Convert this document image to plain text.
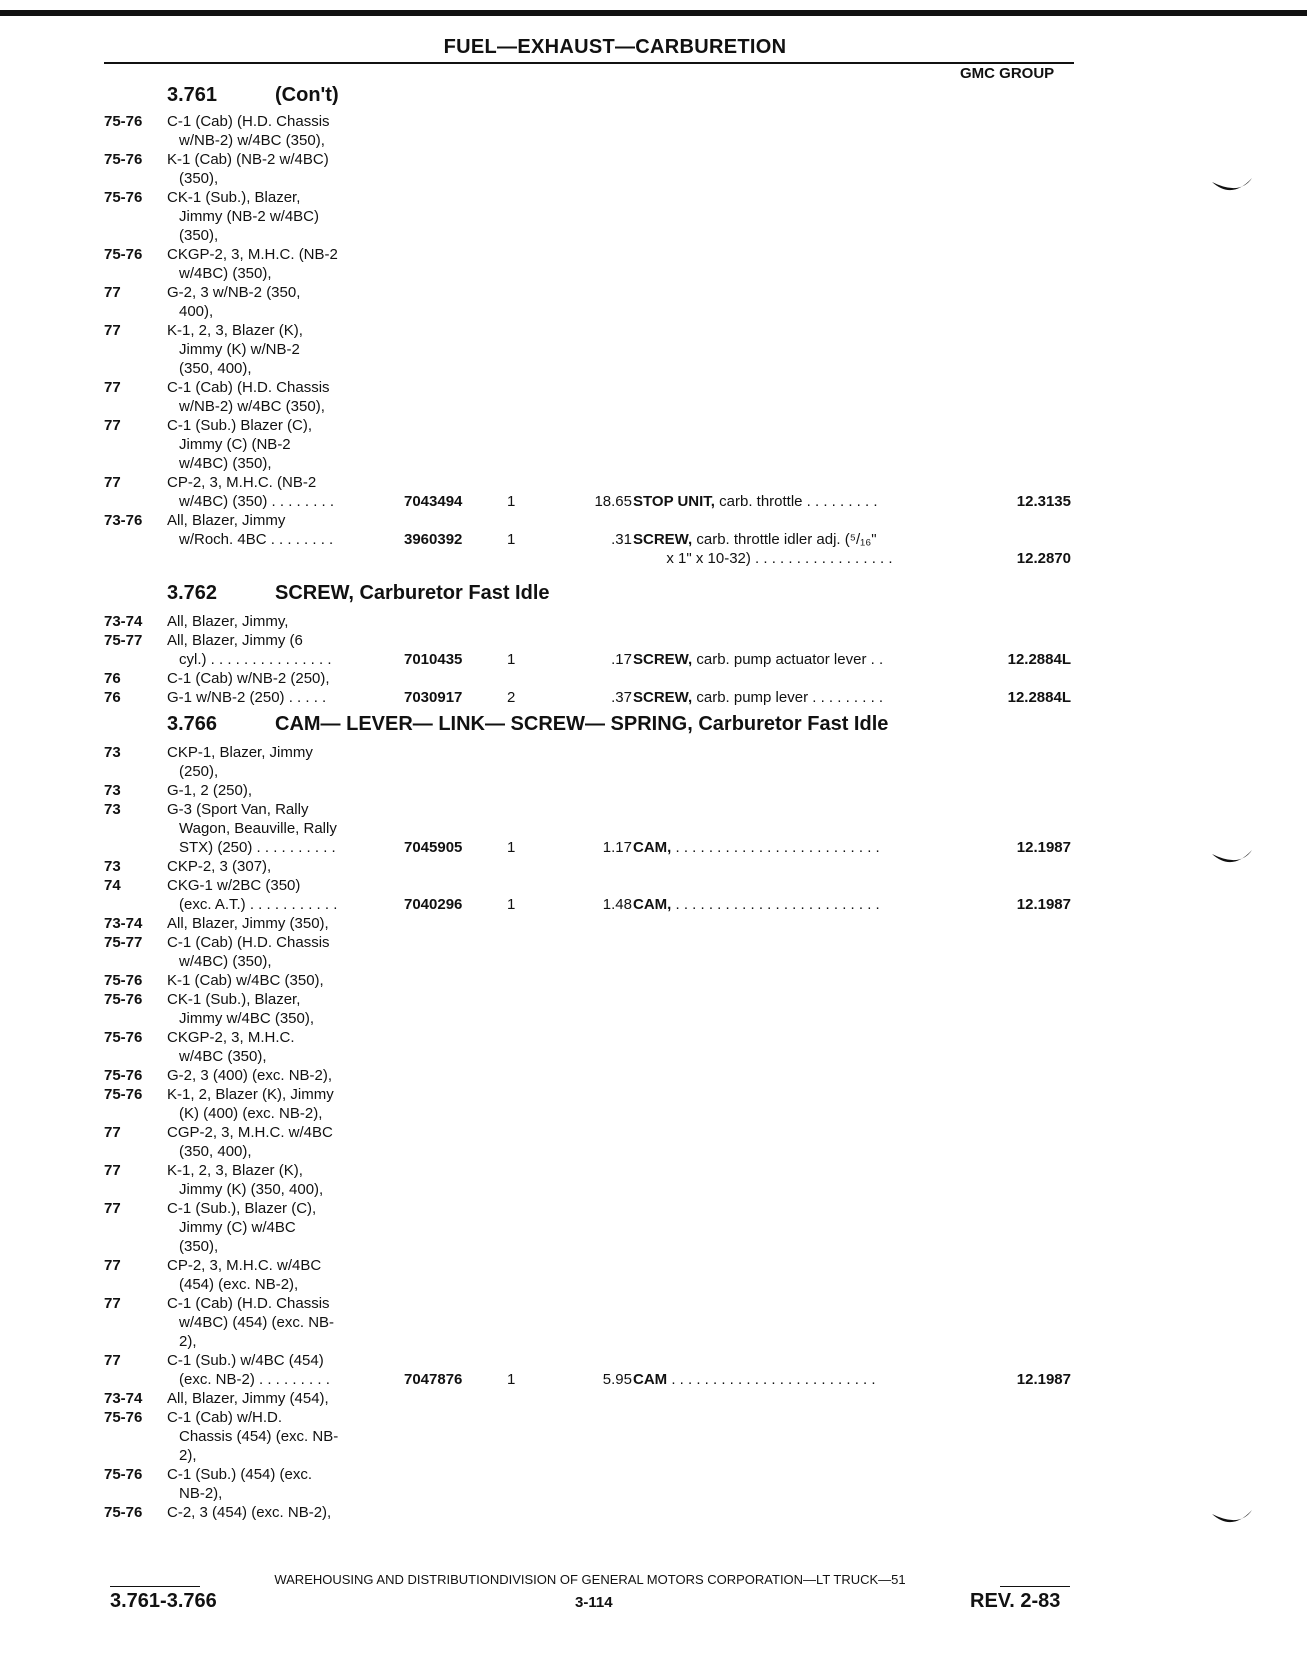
FUEL—EXHAUST—CARBURETION
GMC GROUP
3.761	(Con't)
75-76 C-1 (Cab) (H.D. Chassis
w/NB-2) w/4BC (350),
75-76 K-1 (Cab) (NB-2 w/4BC)
(350),
75-76 CK-1 (Sub.), Blazer,
Jimmy (NB-2 w/4BC)
(350),
75-76 CKGP-2, 3, M.H.C. (NB-2
w/4BC) (350),
77	G-2, 3 w/NB-2 (350,
400),
77	K-1, 2, 3, Blazer (K),
Jimmy (K) w/NB-2
(350, 400),
77	C-1 (Cab) (H.D. Chassis
w/NB-2) w/4BC (350),
77	C-1 (Sub.) Blazer (C),
Jimmy (C) (NB-2
w/4BC) (350),
77	CP-2, 3, M.H.C. (NB-2
w/4BC) (350) . . . . . . . .	7043494	1	18.65 STOP UNIT, carb. throttle . . . . . . . . .	12.3135
73-76 All, Blazer, Jimmy
w/Roch. 4BC . . . . . . . .	3960392	1	.31 SCREW, carb. throttle idler adj. (⁵/₁₆"
x 1" x 10-32) . . . . . . . . . . . . . . . . .	12.2870
3.762	SCREW, Carburetor Fast Idle
73-74 All, Blazer, Jimmy,
75-77 All, Blazer, Jimmy (6
cyl.) . . . . . . . . . . . . . . .	7010435	1	.17 SCREW, carb. pump actuator lever . .	12.2884L
76	C-1 (Cab) w/NB-2 (250),
76	G-1 w/NB-2 (250) . . . . .	7030917	2	.37 SCREW, carb. pump lever . . . . . . . . .	12.2884L
3.766	CAM— LEVER— LINK— SCREW— SPRING, Carburetor Fast Idle
73	CKP-1, Blazer, Jimmy
(250),
73	G-1, 2 (250),
73	G-3 (Sport Van, Rally
Wagon, Beauville, Rally
STX) (250) . . . . . . . . . .	7045905	1	1.17 CAM, . . . . . . . . . . . . . . . . . . . . . . . . .	12.1987
73	CKP-2, 3 (307),
74	CKG-1 w/2BC (350)
(exc. A.T.) . . . . . . . . . . .	7040296	1	1.48 CAM, . . . . . . . . . . . . . . . . . . . . . . . . .	12.1987
73-74 All, Blazer, Jimmy (350),
75-77 C-1 (Cab) (H.D. Chassis
w/4BC) (350),
75-76 K-1 (Cab) w/4BC (350),
75-76 CK-1 (Sub.), Blazer,
Jimmy w/4BC (350),
75-76 CKGP-2, 3, M.H.C.
w/4BC (350),
75-76 G-2, 3 (400) (exc. NB-2),
75-76 K-1, 2, Blazer (K), Jimmy
(K) (400) (exc. NB-2),
77	CGP-2, 3, M.H.C. w/4BC
(350, 400),
77	K-1, 2, 3, Blazer (K),
Jimmy (K) (350, 400),
77	C-1 (Sub.), Blazer (C),
Jimmy (C) w/4BC
(350),
77	CP-2, 3, M.H.C. w/4BC
(454) (exc. NB-2),
77	C-1 (Cab) (H.D. Chassis
w/4BC) (454) (exc. NB-
2),
77	C-1 (Sub.) w/4BC (454)
(exc. NB-2) . . . . . . . . .	7047876	1	5.95 CAM . . . . . . . . . . . . . . . . . . . . . . . . .	12.1987
73-74 All, Blazer, Jimmy (454),
75-76 C-1 (Cab) w/H.D.
Chassis (454) (exc. NB-
2),
75-76 C-1 (Sub.) (454) (exc.
NB-2),
75-76 C-2, 3 (454) (exc. NB-2),
WAREHOUSING AND DISTRIBUTIONDIVISION OF GENERAL MOTORS CORPORATION—LT TRUCK—51
3.761-3.766	3-114	REV. 2-83
